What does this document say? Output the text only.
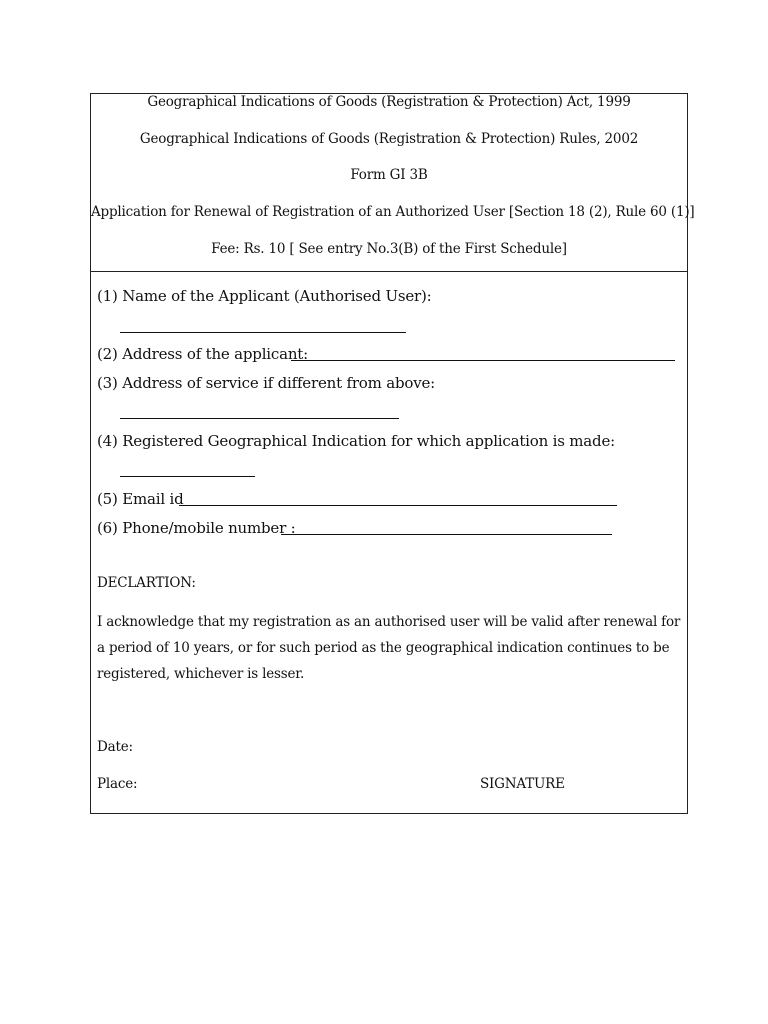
Geographical Indications of Goods (Registration & Protection) Act, 1999
Geographical Indications of Goods (Registration & Protection) Rules, 2002
Form GI 3B
Application for Renewal of Registration of an Authorized User [Section 18 (2), Rule 60 (1)]
Fee: Rs. 10 [ See entry No.3(B) of the First Schedule]
(1) Name of the Applicant (Authorised User):
(2) Address of the applicant:
(3) Address of service if different from above:
(4) Registered Geographical Indication for which application is made:
(5) Email id
(6) Phone/mobile number :
DECLARTION:
I acknowledge that my registration as an authorised user will be valid after renewal for a period of 10 years, or for such period as the geographical indication continues to be registered, whichever is lesser.
Date:
Place:	SIGNATURE
